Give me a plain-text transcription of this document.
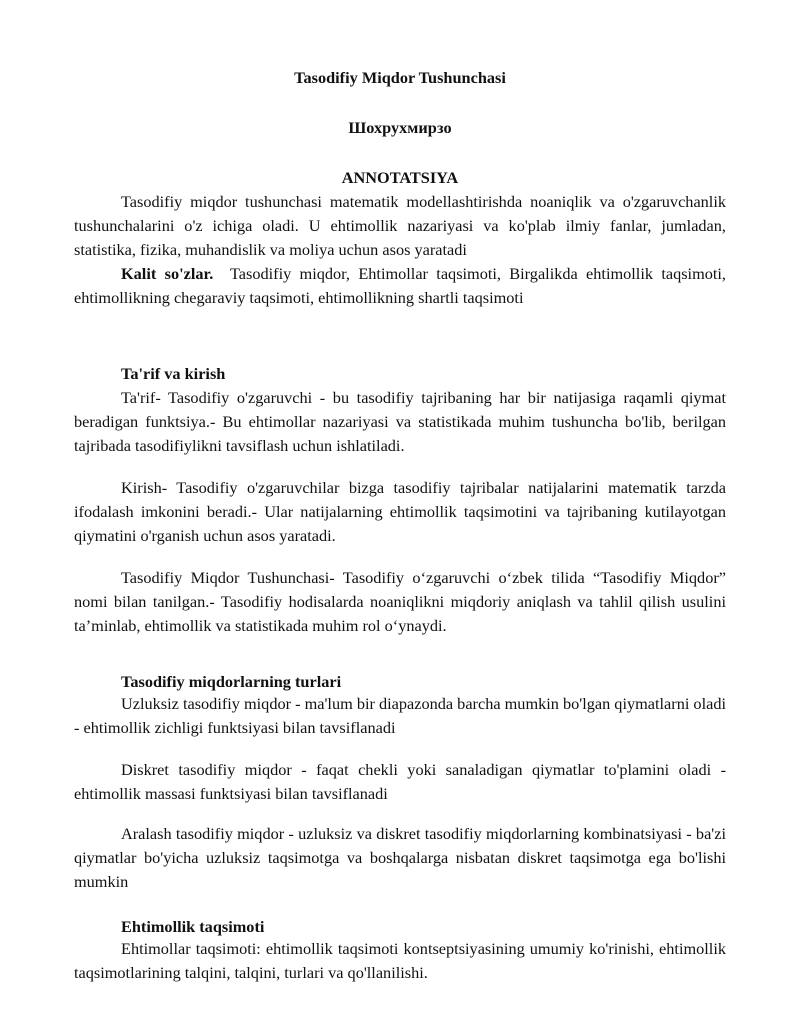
Tasodifiy Miqdor Tushunchasi
Шохрухмирзо
ANNOTATSIYA

Tasodifiy miqdor tushunchasi matematik modellashtirishda noaniqlik va o'zgaruvchanlik tushunchalarini o'z ichiga oladi. U ehtimollik nazariyasi va ko'plab ilmiy fanlar, jumladan, statistika, fizika, muhandislik va moliya uchun asos yaratadi

Kalit so'zlar. Tasodifiy miqdor, Ehtimollar taqsimoti, Birgalikda ehtimollik taqsimoti, ehtimollikning chegaraviy taqsimoti, ehtimollikning shartli taqsimoti

Ta'rif va kirish

Ta'rif- Tasodifiy o'zgaruvchi - bu tasodifiy tajribaning har bir natijasiga raqamli qiymat beradigan funktsiya.- Bu ehtimollar nazariyasi va statistikada muhim tushuncha bo'lib, berilgan tajribada tasodifiylikni tavsiflash uchun ishlatiladi.

Kirish- Tasodifiy o'zgaruvchilar bizga tasodifiy tajribalar natijalarini matematik tarzda ifodalash imkonini beradi.- Ular natijalarning ehtimollik taqsimotini va tajribaning kutilayotgan qiymatini o'rganish uchun asos yaratadi.

Tasodifiy Miqdor Tushunchasi- Tasodifiy o‘zgaruvchi o‘zbek tilida “Tasodifiy Miqdor” nomi bilan tanilgan.- Tasodifiy hodisalarda noaniqlikni miqdoriy aniqlash va tahlil qilish usulini ta’minlab, ehtimollik va statistikada muhim rol o‘ynaydi.

Tasodifiy miqdorlarning turlari

Uzluksiz tasodifiy miqdor - ma'lum bir diapazonda barcha mumkin bo'lgan qiymatlarni oladi - ehtimollik zichligi funktsiyasi bilan tavsiflanadi

Diskret tasodifiy miqdor - faqat chekli yoki sanaladigan qiymatlar to'plamini oladi - ehtimollik massasi funktsiyasi bilan tavsiflanadi

Aralash tasodifiy miqdor - uzluksiz va diskret tasodifiy miqdorlarning kombinatsiyasi - ba'zi qiymatlar bo'yicha uzluksiz taqsimotga va boshqalarga nisbatan diskret taqsimotga ega bo'lishi mumkin

Ehtimollik taqsimoti

Ehtimollar taqsimoti: ehtimollik taqsimoti kontseptsiyasining umumiy ko'rinishi, ehtimollik taqsimotlarining talqini, talqini, turlari va qo'llanilishi.
